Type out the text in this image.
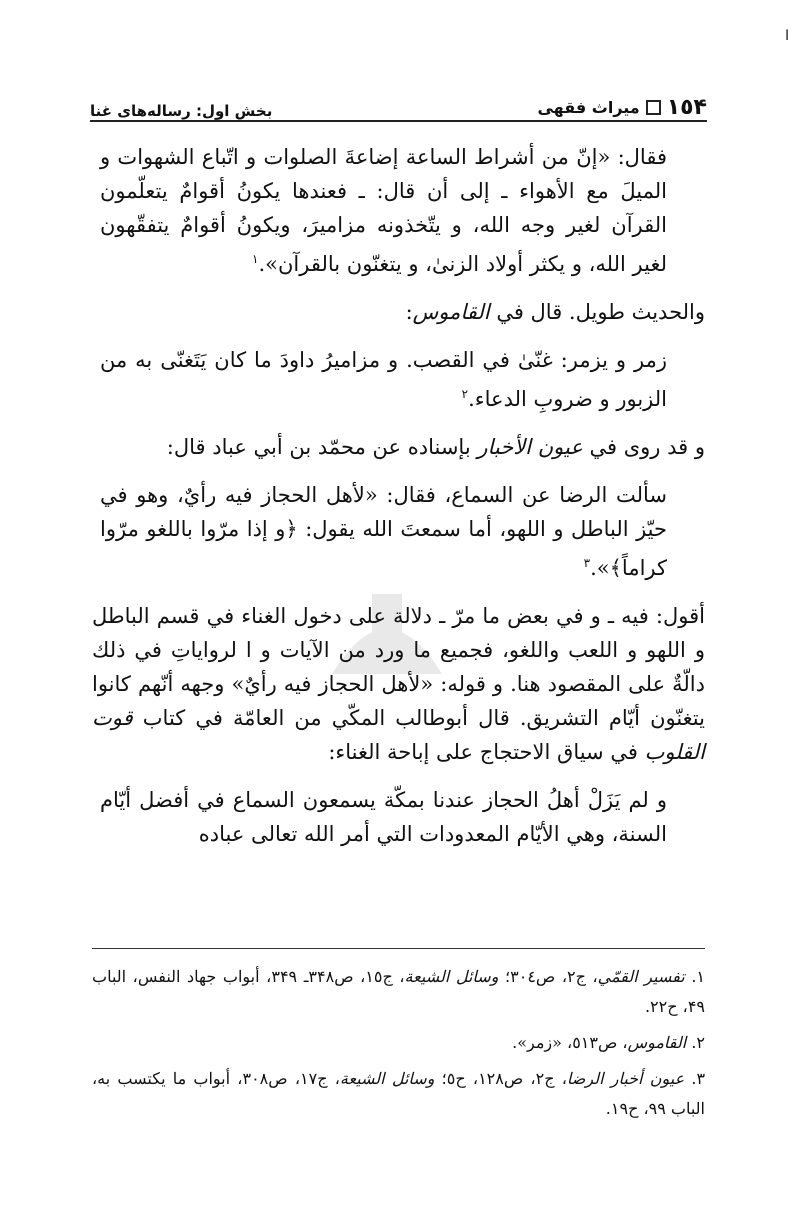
ا
١٥۴
میراث فقهی
بخش اول: رساله‌های غنا

فقال: «إنّ من أشراط الساعة إضاعةَ الصلوات و اتّباع الشهوات و الميلَ مع الأهواء ـ إلى أن قال: ـ فعندها يكونُ أقوامٌ يتعلّمون القرآن لغير وجه الله، و يتّخذونه مزاميرَ، ويكونُ أقوامٌ يتفقّهون لغير الله، و يكثر أولاد الزنىٰ، و يتغنّون بالقرآن».$^١$

والحديث طويل. قال في القاموس:

زمر و يزمر: غنّىٰ في القصب. و مزاميرُ داودَ ما كان يَتَغنّى به من الزبور و ضروبِ الدعاء.$^٢$

و قد روى في عيون الأخبار بإسناده عن محمّد بن أبي عباد قال:

سألت الرضا عن السماع، فقال: «لأهل الحجاز فيه رأيٌ، وهو في حيّز الباطل و اللهو، أما سمعتَ الله يقول: ﴿و إذا مرّوا باللغو مرّوا كراماً﴾».$^٣$

أقول: فيه ـ و في بعض ما مرّ ـ دلالة على دخول الغناء في قسم الباطل و اللهو و اللعب واللغو، فجميع ما ورد من الآيات و ا لرواياتِ في ذلك دالّةٌ على المقصود هنا. و قوله: «لأهل الحجاز فيه رأيٌ» وجهه أنّهم كانوا يتغنّون أيّام التشريق. قال أبوطالب المكّي من العامّة في كتاب قوت القلوب في سياق الاحتجاج على إباحة الغناء:

و لم يَزَلْ أهلُ الحجاز عندنا بمكّة يسمعون السماع في أفضل أيّام السنة، وهي الأيّام المعدودات التي أمر الله تعالى عباده

١. تفسير القمّي، ج٢، ص٣٠٤؛ وسائل الشيعة، ج١٥، ص٣۴٨ـ ٣۴٩، أبواب جهاد النفس، الباب ۴٩، ح٢٢.

٢. القاموس، ص٥١٣، «زمر».

٣. عيون أخبار الرضا، ج٢، ص١٢٨، ح٥؛ وسائل الشيعة، ج١٧، ص٣٠٨، أبواب ما يكتسب به، الباب ٩٩، ح١٩.
